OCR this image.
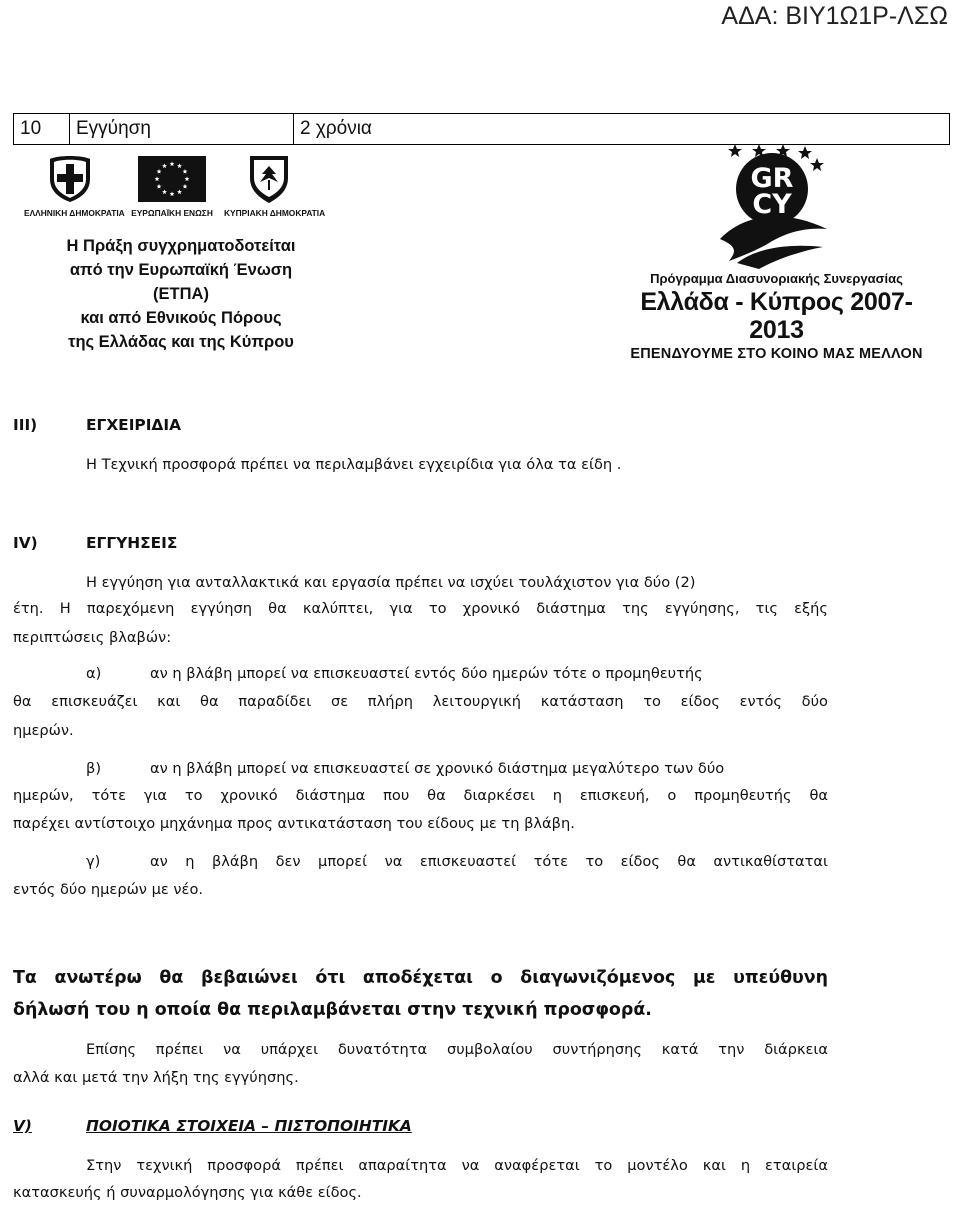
ΑΔΑ: ΒΙΥ1Ω1Ρ-ΛΣΩ
10	Εγγύηση	2 χρόνια
ΕΛΛΗΝΙΚΗ ΔΗΜΟΚΡΑΤΙΑ ΕΥΡΩΠΑΪΚΗ ΕΝΩΣΗ	ΚΥΠΡΙΑΚΗ ΔΗΜΟΚΡΑΤΙΑ
Η Πράξη συγχρηματοδοτείται
από την Ευρωπαϊκή Ένωση (ΕΤΠΑ)
και από Εθνικούς Πόρους
της Ελλάδας και της Κύπρου
GR
CY
Πρόγραμμα Διασυνοριακής Συνεργασίας
Ελλάδα - Κύπρος 2007-2013
ΕΠΕΝΔΥΟΥΜΕ ΣΤΟ ΚΟΙΝΟ ΜΑΣ ΜΕΛΛΟΝ
III)	ΕΓΧΕΙΡΙΔΙΑ
Η Τεχνική προσφορά πρέπει να περιλαμβάνει εγχειρίδια για όλα τα είδη .
IV)	ΕΓΓΥΗΣΕΙΣ
Η εγγύηση για ανταλλακτικά και εργασία πρέπει να ισχύει τουλάχιστον για δύο (2)
έτη. Η παρεχόμενη εγγύηση θα καλύπτει, για το χρονικό διάστημα της εγγύησης, τις εξής
περιπτώσεις βλαβών:
α)	αν η βλάβη μπορεί να επισκευαστεί εντός δύο ημερών τότε ο προμηθευτής
θα επισκευάζει και θα παραδίδει σε πλήρη λειτουργική κατάσταση το είδος εντός δύο
ημερών.
β)	αν η βλάβη μπορεί να επισκευαστεί σε χρονικό διάστημα μεγαλύτερο των δύο
ημερών, τότε για το χρονικό διάστημα που θα διαρκέσει η επισκευή, ο προμηθευτής θα
παρέχει αντίστοιχο μηχάνημα προς αντικατάσταση του είδους με τη βλάβη.
γ)	αν η βλάβη δεν μπορεί να επισκευαστεί τότε το είδος θα αντικαθίσταται
εντός δύο ημερών με νέο.
Τα ανωτέρω θα βεβαιώνει ότι αποδέχεται ο διαγωνιζόμενος με υπεύθυνη
δήλωσή του η οποία θα περιλαμβάνεται στην τεχνική προσφορά.
Επίσης πρέπει να υπάρχει δυνατότητα συμβολαίου συντήρησης κατά την διάρκεια
αλλά και μετά την λήξη της εγγύησης.
V)	ΠΟΙΟΤΙΚΑ ΣΤΟΙΧΕΙΑ – ΠΙΣΤΟΠΟΙΗΤΙΚΑ
Στην τεχνική προσφορά πρέπει απαραίτητα να αναφέρεται το μοντέλο και η εταιρεία
κατασκευής ή συναρμολόγησης για κάθε είδος.
